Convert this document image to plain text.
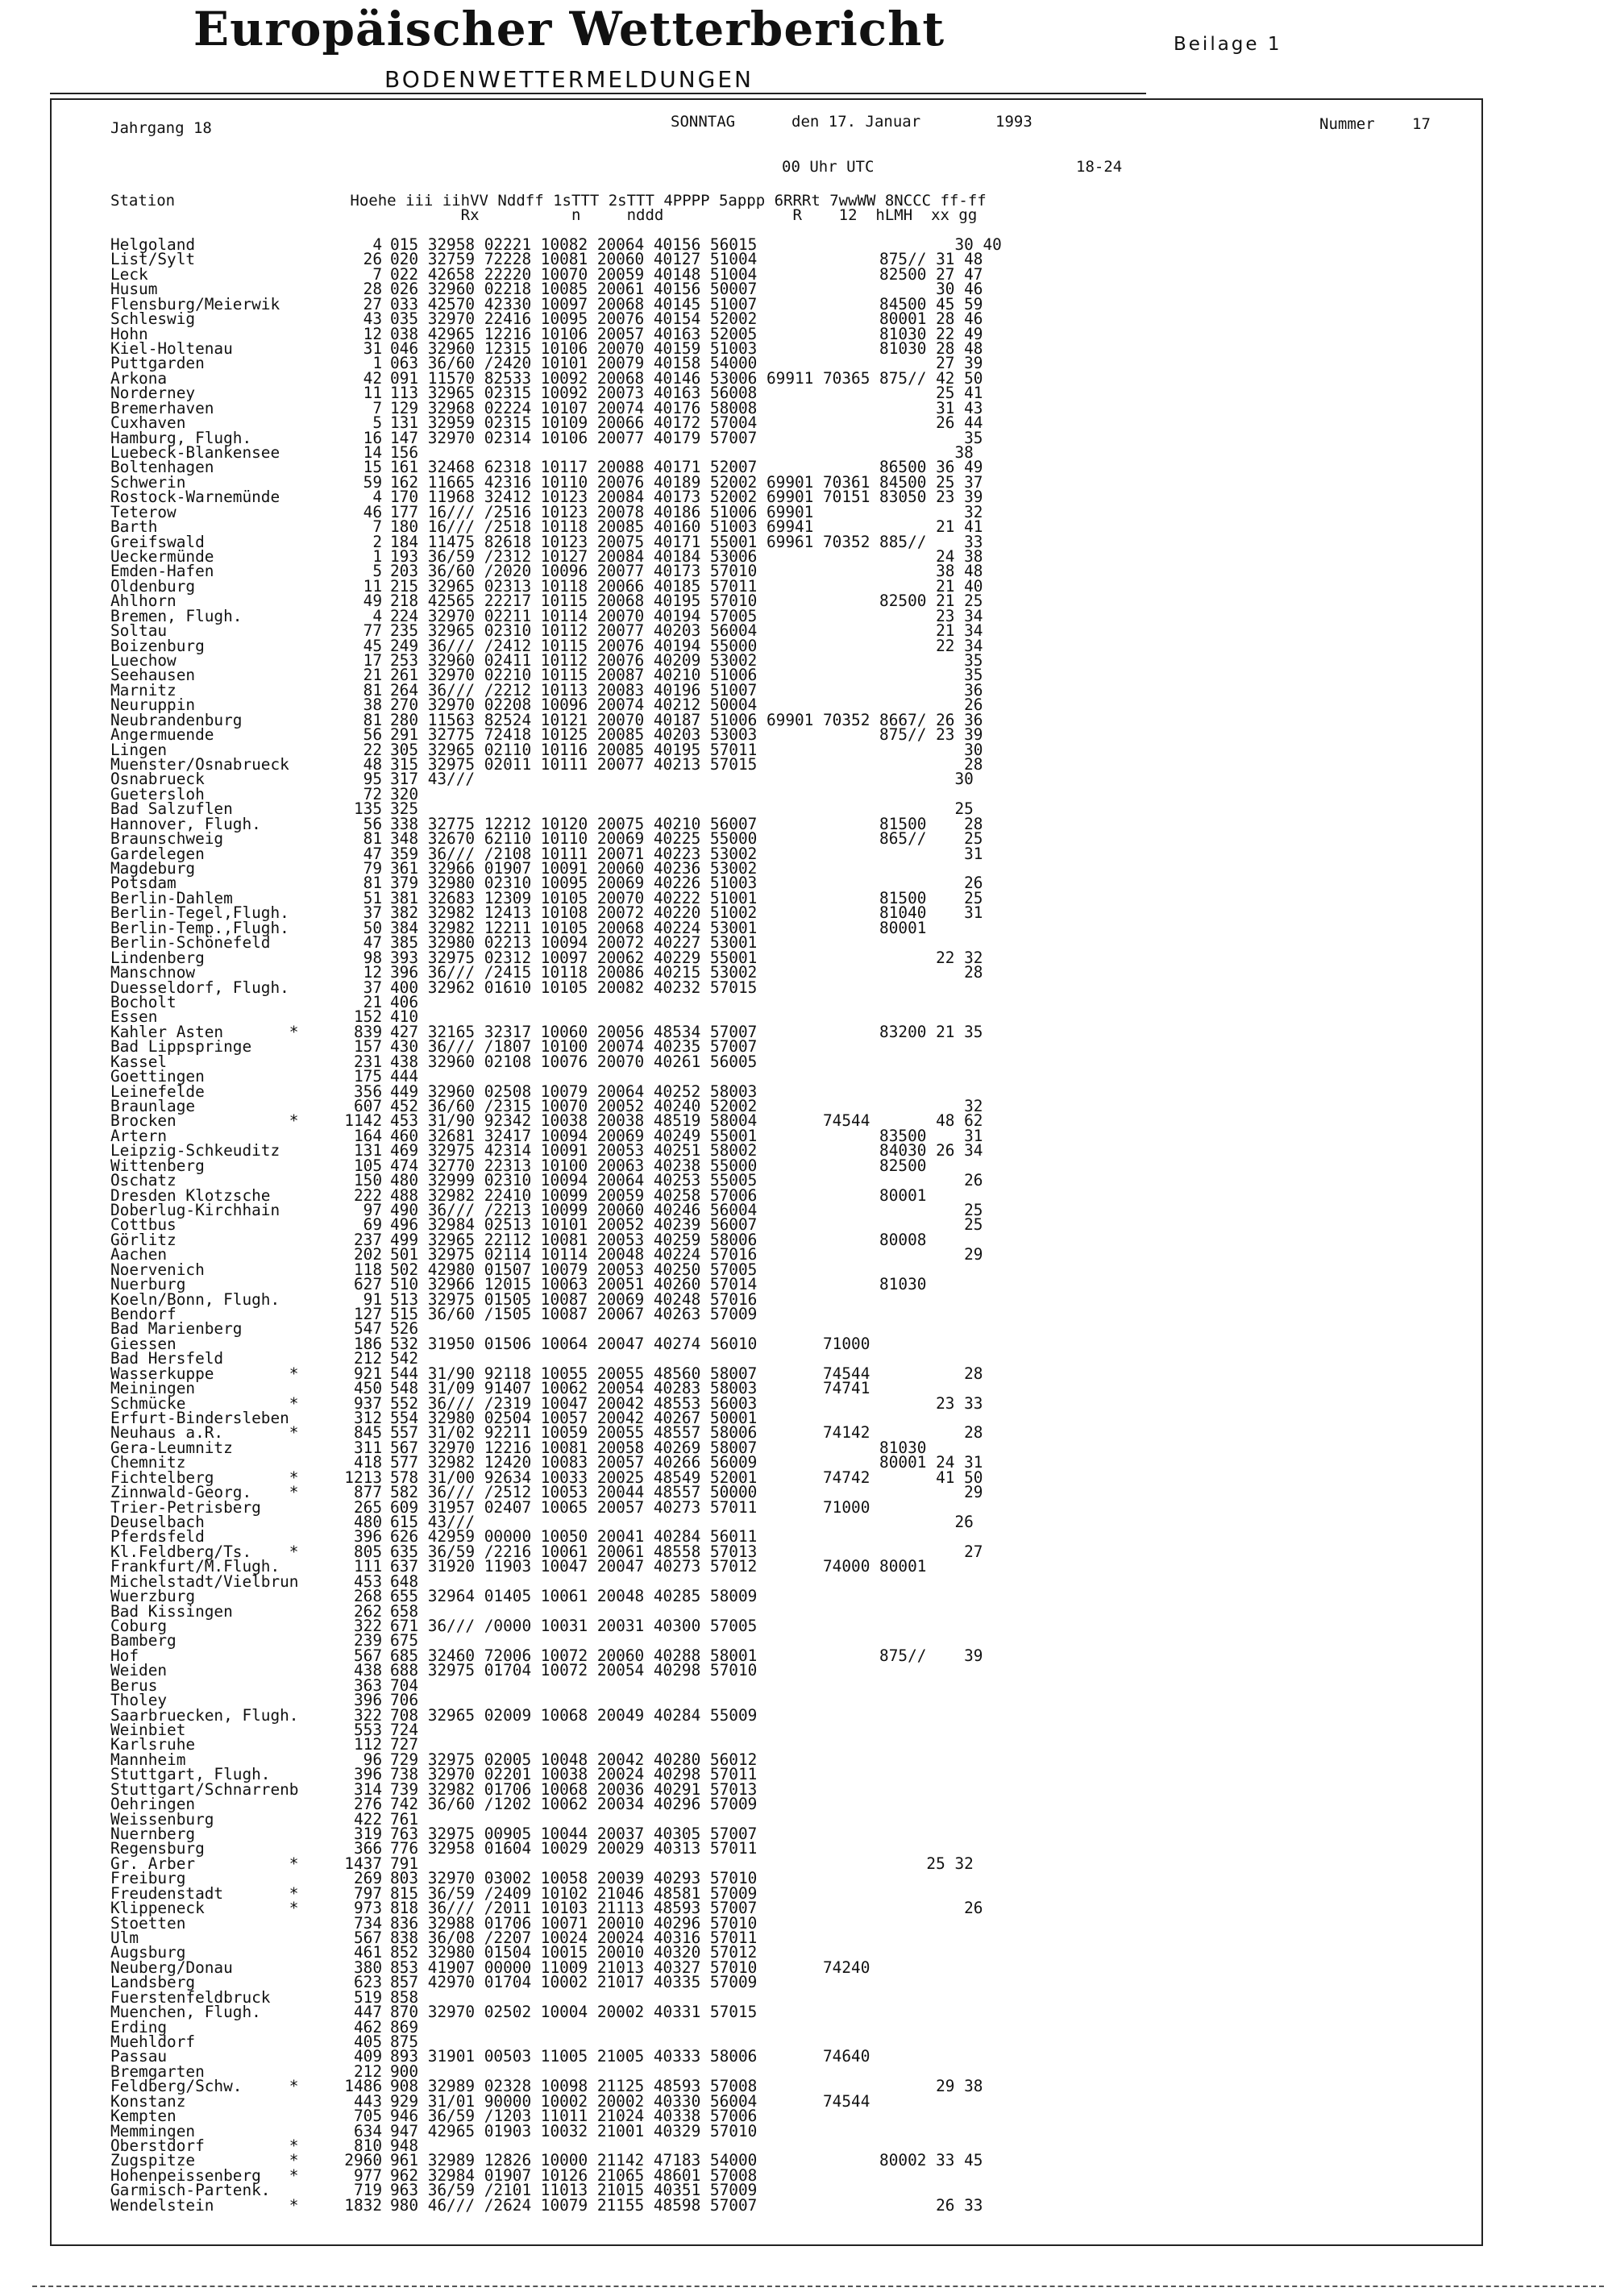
Europäischer Wetterbericht	Beilage 1
BODENWETTERMELDUNGEN
Jahrgang 18	SONNTAG	den 17. Januar	1993	Nummer 17
00 Uhr UTC	18-24
Station                   Hoehe iii iihVV Nddff 1sTTT 2sTTT 4PPPP 5appp 6RRRt 7wwWW 8NCCC ff-ff
Rx          n     nddd              R    12  hLMH  xx gg
Helgoland	4 015 32958 02221 10082 20064 40156 56015                     30 40
List/Sylt	26 020 32759 72228 10081 20060 40127 51004             875// 31 48
Leck	7 022 42658 22220 10070 20059 40148 51004             82500 27 47
Husum	28 026 32960 02218 10085 20061 40156 50007                   30 46
Flensburg/Meierwik	27 033 42570 42330 10097 20068 40145 51007             84500 45 59
Schleswig	43 035 32970 22416 10095 20076 40154 52002             80001 28 46
Hohn	12 038 42965 12216 10106 20057 40163 52005             81030 22 49
Kiel-Holtenau	31 046 32960 12315 10106 20070 40159 51003             81030 28 48
Puttgarden	1 063 36/60 /2420 10101 20079 40158 54000                   27 39
Arkona	42 091 11570 82533 10092 20068 40146 53006 69911 70365 875// 42 50
Norderney	11 113 32965 02315 10092 20073 40163 56008                   25 41
Bremerhaven	7 129 32968 02224 10107 20074 40176 58008                   31 43
Cuxhaven	5 131 32959 02315 10109 20066 40172 57004                   26 44
Hamburg, Flugh.	16 147 32970 02314 10106 20077 40179 57007                      35
Luebeck-Blankensee	14 156                                                         38
Boltenhagen	15 161 32468 62318 10117 20088 40171 52007             86500 36 49
Schwerin	59 162 11665 42316 10110 20076 40189 52002 69901 70361 84500 25 37
Rostock-Warnemünde	4 170 11968 32412 10123 20084 40173 52002 69901 70151 83050 23 39
Teterow	46 177 16/// /2516 10123 20078 40186 51006 69901                32
Barth	7 180 16/// /2518 10118 20085 40160 51003 69941             21 41
Greifswald	2 184 11475 82618 10123 20075 40171 55001 69961 70352 885//    33
Ueckermünde	1 193 36/59 /2312 10127 20084 40184 53006                   24 38
Emden-Hafen	5 203 36/60 /2020 10096 20077 40173 57010                   38 48
Oldenburg	11 215 32965 02313 10118 20066 40185 57011                   21 40
Ahlhorn	49 218 42565 22217 10115 20068 40195 57010             82500 21 25
Bremen, Flugh.	4 224 32970 02211 10114 20070 40194 57005                   23 34
Soltau	77 235 32965 02310 10112 20077 40203 56004                   21 34
Boizenburg	45 249 36/// /2412 10115 20076 40194 55000                   22 34
Luechow	17 253 32960 02411 10112 20076 40209 53002                      35
Seehausen	21 261 32970 02210 10115 20087 40210 51006                      35
Marnitz	81 264 36/// /2212 10113 20083 40196 51007                      36
Neuruppin	38 270 32970 02208 10096 20074 40212 50004                      26
Neubrandenburg	81 280 11563 82524 10121 20070 40187 51006 69901 70352 8667/ 26 36
Angermuende	56 291 32775 72418 10125 20085 40203 53003             875// 23 39
Lingen	22 305 32965 02110 10116 20085 40195 57011                      30
Muenster/Osnabrueck	48 315 32975 02011 10111 20077 40213 57015                      28
Osnabrueck	95 317 43///                                                   30
Guetersloh	72 320
Bad Salzuflen	135 325                                                         25
Hannover, Flugh.	56 338 32775 12212 10120 20075 40210 56007             81500    28
Braunschweig	81 348 32670 62110 10110 20069 40225 55000             865//    25
Gardelegen	47 359 36/// /2108 10111 20071 40223 53002                      31
Magdeburg	79 361 32966 01907 10091 20060 40236 53002
Potsdam	81 379 32980 02310 10095 20069 40226 51003                      26
Berlin-Dahlem	51 381 32683 12309 10105 20070 40222 51001             81500    25
Berlin-Tegel,Flugh.	37 382 32982 12413 10108 20072 40220 51002             81040    31
Berlin-Temp.,Flugh.	50 384 32982 12211 10105 20068 40224 53001             80001
Berlin-Schönefeld	47 385 32980 02213 10094 20072 40227 53001
Lindenberg	98 393 32975 02312 10097 20062 40229 55001                   22 32
Manschnow	12 396 36/// /2415 10118 20086 40215 53002                      28
Duesseldorf, Flugh.	37 400 32962 01610 10105 20082 40232 57015
Bocholt	21 406
Essen	152 410
Kahler Asten       *	839 427 32165 32317 10060 20056 48534 57007             83200 21 35
Bad Lippspringe	157 430 36/// /1807 10100 20074 40235 57007
Kassel	231 438 32960 02108 10076 20070 40261 56005
Goettingen	175 444
Leinefelde	356 449 32960 02508 10079 20064 40252 58003
Braunlage	607 452 36/60 /2315 10070 20052 40240 52002                      32
Brocken            *	1142 453 31/90 92342 10038 20038 48519 58004       74544       48 62
Artern	164 460 32681 32417 10094 20069 40249 55001             83500    31
Leipzig-Schkeuditz	131 469 32975 42314 10091 20053 40251 58002             84030 26 34
Wittenberg	105 474 32770 22313 10100 20063 40238 55000             82500
Oschatz	150 480 32999 02310 10094 20064 40253 55005                      26
Dresden Klotzsche	222 488 32982 22410 10099 20059 40258 57006             80001
Doberlug-Kirchhain	97 490 36/// /2213 10099 20060 40246 56004                      25
Cottbus	69 496 32984 02513 10101 20052 40239 56007                      25
Görlitz	237 499 32965 22112 10081 20053 40259 58006             80008
Aachen	202 501 32975 02114 10114 20048 40224 57016                      29
Noervenich	118 502 42980 01507 10079 20053 40250 57005
Nuerburg	627 510 32966 12015 10063 20051 40260 57014             81030
Koeln/Bonn, Flugh.	91 513 32975 01505 10087 20069 40248 57016
Bendorf	127 515 36/60 /1505 10087 20067 40263 57009
Bad Marienberg	547 526
Giessen	186 532 31950 01506 10064 20047 40274 56010       71000
Bad Hersfeld	212 542
Wasserkuppe        *	921 544 31/90 92118 10055 20055 48560 58007       74544          28
Meiningen	450 548 31/09 91407 10062 20054 40283 58003       74741
Schmücke           *	937 552 36/// /2319 10047 20042 48553 56003                   23 33
Erfurt-Bindersleben	312 554 32980 02504 10057 20042 40267 50001
Neuhaus a.R.       *	845 557 31/02 92211 10059 20055 48557 58006       74142          28
Gera-Leumnitz	311 567 32970 12216 10081 20058 40269 58007             81030
Chemnitz	418 577 32982 12420 10083 20057 40266 56009             80001 24 31
Fichtelberg        *	1213 578 31/00 92634 10033 20025 48549 52001       74742       41 50
Zinnwald-Georg.    *	877 582 36/// /2512 10053 20044 48557 50000                      29
Trier-Petrisberg	265 609 31957 02407 10065 20057 40273 57011       71000
Deuselbach	480 615 43///                                                   26
Pferdsfeld	396 626 42959 00000 10050 20041 40284 56011
Kl.Feldberg/Ts.    *	805 635 36/59 /2216 10061 20061 48558 57013                      27
Frankfurt/M.Flugh.	111 637 31920 11903 10047 20047 40273 57012       74000 80001
Michelstadt/Vielbrun	453 648
Wuerzburg	268 655 32964 01405 10061 20048 40285 58009
Bad Kissingen	262 658
Coburg	322 671 36/// /0000 10031 20031 40300 57005
Bamberg	239 675
Hof	567 685 32460 72006 10072 20060 40288 58001             875//    39
Weiden	438 688 32975 01704 10072 20054 40298 57010
Berus	363 704
Tholey	396 706
Saarbruecken, Flugh.	322 708 32965 02009 10068 20049 40284 55009
Weinbiet	553 724
Karlsruhe	112 727
Mannheim	96 729 32975 02005 10048 20042 40280 56012
Stuttgart, Flugh.	396 738 32970 02201 10038 20024 40298 57011
Stuttgart/Schnarrenb	314 739 32982 01706 10068 20036 40291 57013
Oehringen	276 742 36/60 /1202 10062 20034 40296 57009
Weissenburg	422 761
Nuernberg	319 763 32975 00905 10044 20037 40305 57007
Regensburg	366 776 32958 01604 10029 20029 40313 57011
Gr. Arber          *	1437 791                                                      25 32
Freiburg	269 803 32970 03002 10058 20039 40293 57010
Freudenstadt       *	797 815 36/59 /2409 10102 21046 48581 57009
Klippeneck         *	973 818 36/// /2011 10103 21113 48593 57007                      26
Stoetten	734 836 32988 01706 10071 20010 40296 57010
Ulm	567 838 36/08 /2207 10024 20024 40316 57011
Augsburg	461 852 32980 01504 10015 20010 40320 57012
Neuberg/Donau	380 853 41907 00000 11009 21013 40327 57010       74240
Landsberg	623 857 42970 01704 10002 21017 40335 57009
Fuerstenfeldbruck	519 858
Muenchen, Flugh.	447 870 32970 02502 10004 20002 40331 57015
Erding	462 869
Muehldorf	405 875
Passau	409 893 31901 00503 11005 21005 40333 58006       74640
Bremgarten	212 900
Feldberg/Schw.     *	1486 908 32989 02328 10098 21125 48593 57008                   29 38
Konstanz	443 929 31/01 90000 10002 20002 40330 56004       74544
Kempten	705 946 36/59 /1203 11011 21024 40338 57006
Memmingen	634 947 42965 01903 10032 21001 40329 57010
Oberstdorf         *	810 948
Zugspitze          *	2960 961 32989 12826 10000 21142 47183 54000             80002 33 45
Hohenpeissenberg   *	977 962 32984 01907 10126 21065 48601 57008
Garmisch-Partenk.	719 963 36/59 /2101 11013 21015 40351 57009
Wendelstein        *	1832 980 46/// /2624 10079 21155 48598 57007                   26 33
